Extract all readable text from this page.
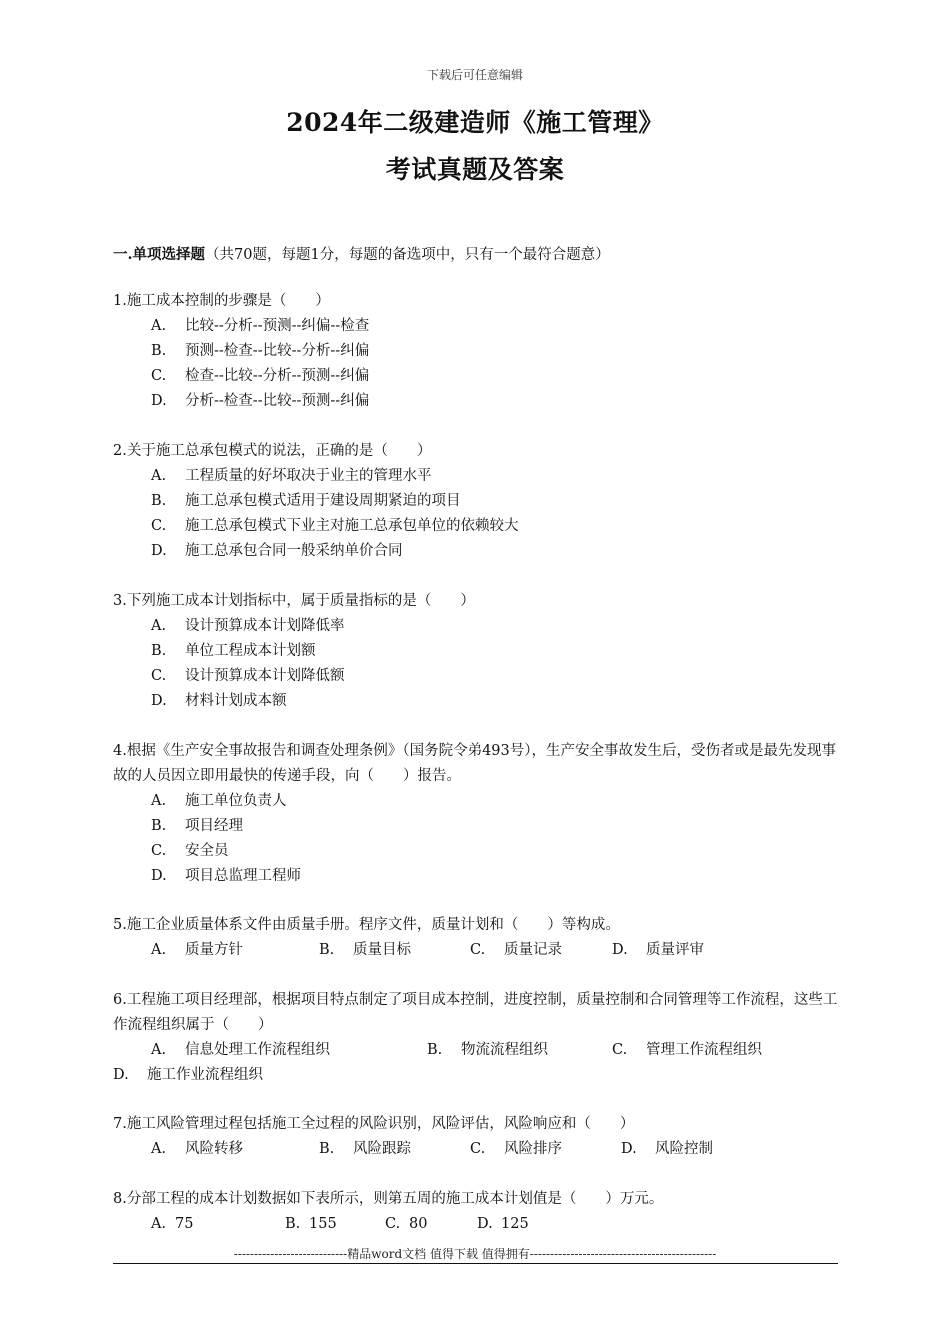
下载后可任意编辑
2024年二级建造师《施工管理》
考试真题及答案
一.单项选择题（共70题，每题1分，每题的备选项中，只有一个最符合题意）
1.施工成本控制的步骤是（　　）
A. 比较--分析--预测--纠偏--检查
B. 预测--检查--比较--分析--纠偏
C. 检查--比较--分析--预测--纠偏
D. 分析--检查--比较--预测--纠偏
2.关于施工总承包模式的说法，正确的是（　　）
A. 工程质量的好坏取决于业主的管理水平
B. 施工总承包模式适用于建设周期紧迫的项目
C. 施工总承包模式下业主对施工总承包单位的依赖较大
D. 施工总承包合同一般采纳单价合同
3.下列施工成本计划指标中，属于质量指标的是（　　）
A. 设计预算成本计划降低率
B. 单位工程成本计划额
C. 设计预算成本计划降低额
D. 材料计划成本额
4.根据《生产安全事故报告和调查处理条例》（国务院令弟493号），生产安全事故发生后，受伤者或是最先发现事故的人员因立即用最快的传递手段，向（　　）报告。
A. 施工单位负责人
B. 项目经理
C. 安全员
D. 项目总监理工程师
5.施工企业质量体系文件由质量手册。程序文件，质量计划和（　　）等构成。
A. 质量方针	B. 质量目标	C. 质量记录	D. 质量评审
6.工程施工项目经理部，根据项目特点制定了项目成本控制，进度控制，质量控制和合同管理等工作流程，这些工作流程组织属于（　　）
A. 信息处理工作流程组织	B. 物流流程组织	C. 管理工作流程组织
D. 施工作业流程组织
7.施工风险管理过程包括施工全过程的风险识别，风险评估，风险响应和（　　）
A. 风险转移	B. 风险跟踪	C. 风险排序	D. 风险控制
8.分部工程的成本计划数据如下表所示，则第五周的施工成本计划值是（　　）万元。
A. 75	B. 155	C. 80	D. 125
----------------------------精品word文档 值得下载 值得拥有----------------------------------------------
